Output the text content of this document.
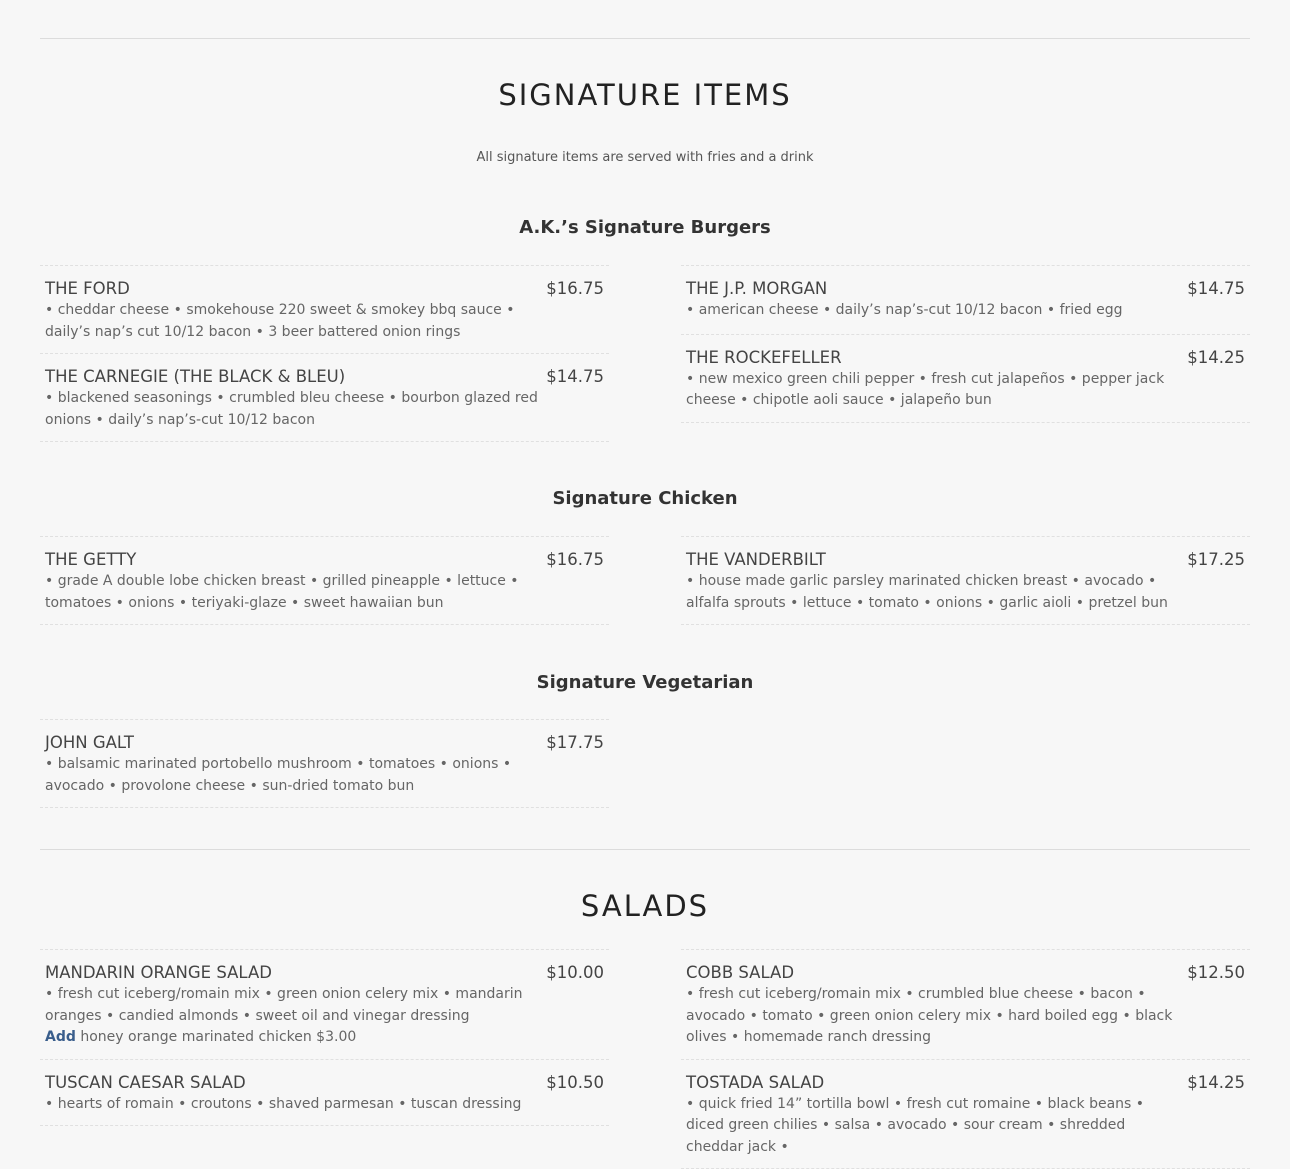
SIGNATURE ITEMS
All signature items are served with fries and a drink
A.K.’s Signature Burgers
THE FORD	$16.75
• cheddar cheese • smokehouse 220 sweet & smokey bbq sauce • daily’s nap’s cut 10/12 bacon • 3 beer battered onion rings
THE CARNEGIE (THE BLACK & BLEU)	$14.75
• blackened seasonings • crumbled bleu cheese • bourbon glazed red onions • daily’s nap’s-cut 10/12 bacon
THE J.P. MORGAN	$14.75
• american cheese • daily’s nap’s-cut 10/12 bacon • fried egg
THE ROCKEFELLER	$14.25
• new mexico green chili pepper • fresh cut jalapeños • pepper jack cheese • chipotle aoli sauce • jalapeño bun
Signature Chicken
THE GETTY	$16.75
• grade A double lobe chicken breast • grilled pineapple • lettuce • tomatoes • onions • teriyaki-glaze • sweet hawaiian bun
THE VANDERBILT	$17.25
• house made garlic parsley marinated chicken breast • avocado • alfalfa sprouts • lettuce • tomato • onions • garlic aioli • pretzel bun
Signature Vegetarian
JOHN GALT	$17.75
• balsamic marinated portobello mushroom • tomatoes • onions • avocado • provolone cheese • sun-dried tomato bun
SALADS
MANDARIN ORANGE SALAD	$10.00
• fresh cut iceberg/romain mix • green onion celery mix • mandarin oranges • candied almonds • sweet oil and vinegar dressing
Add honey orange marinated chicken $3.00
TUSCAN CAESAR SALAD	$10.50
• hearts of romain • croutons • shaved parmesan • tuscan dressing
COBB SALAD	$12.50
• fresh cut iceberg/romain mix • crumbled blue cheese • bacon • avocado • tomato • green onion celery mix • hard boiled egg • black olives • homemade ranch dressing
TOSTADA SALAD	$14.25
• quick fried 14” tortilla bowl • fresh cut romaine • black beans • diced green chilies • salsa • avocado • sour cream • shredded cheddar jack •
